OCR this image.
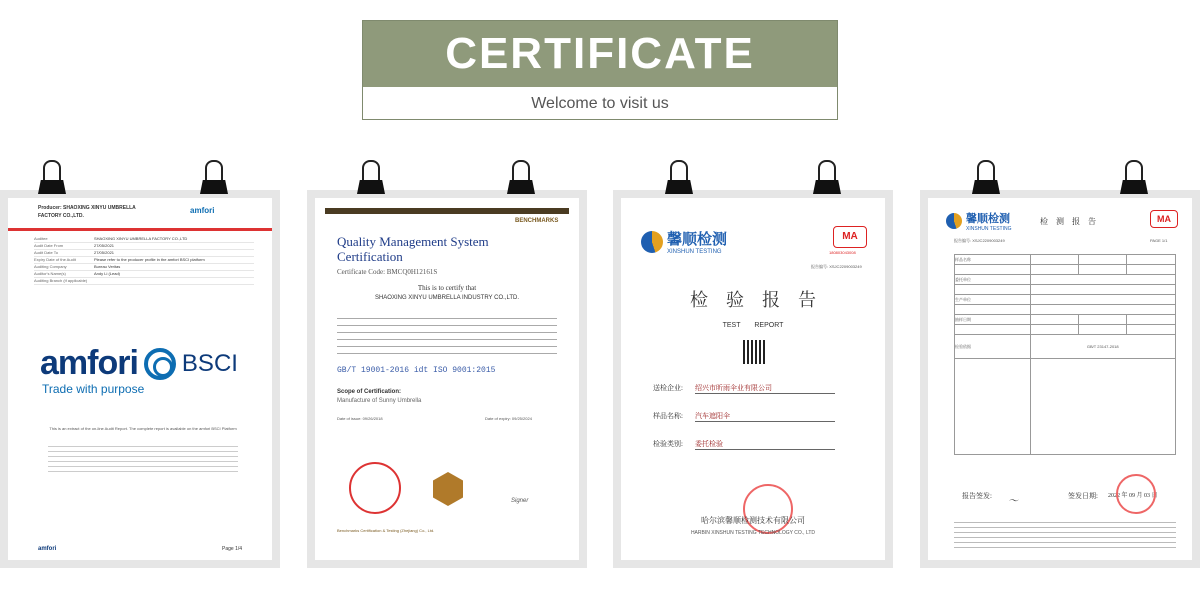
CERTIFICATE
Welcome to visit us
Producer: SHAOXING XINYU UMBRELLA FACTORY CO.,LTD.
amfori
Auditee	SHAOXING XINYU UMBRELLA FACTORY CO.,LTD
Audit Date From	27/05/2021
Audit Date To	27/05/2021
Expiry Date of the Audit	Please refer to the producer profile in the amfori BSCI platform
Auditing Company	Bureau Veritas
Auditor's Name(s)	Andy Li (Lead)
Auditing Branch (if applicable)
amfori BSCI
Trade with purpose
This is an extract of the on-line Audit Report. The complete report is available on the amfori BSCI Platform
amfori	Page 1/4
BENCHMARKS
Quality Management System
Certification
Certificate Code: BMCQ0H12161S
This is to certify that
SHAOXING XINYU UMBRELLA INDUSTRY CO.,LTD.
GB/T 19001-2016 idt ISO 9001:2015
Scope of Certification:
Manufacture of Sunny Umbrella
Date of issue: 09/26/2018	Date of expiry: 09/25/2024
Signer
Benchmarks Certification & Testing (Zhejiang) Co., Ltd.
馨顺检测
XINSHUN TESTING
MA
180803043008
报告编号: XSJC2209003249
检　验　报　告
TEST　　REPORT
送检企业: 绍兴市昕雨伞业有限公司
样品名称: 汽车遮阳伞
检验类别: 委托检验
哈尔滨馨顺检测技术有限公司
HARBIN XINSHUN TESTING TECHNOLOGY CO., LTD
馨顺检测
XINSHUN TESTING
检　测　报　告	MA
报告编号: XSJC2209003249	PAGE 1/1
样品名称			

委托单位			

生产单位			

抽样日期			

检验依据	GB/T 23147-2018		

报告签发: 〜	签发日期: 2022 年 09 月 03 日
